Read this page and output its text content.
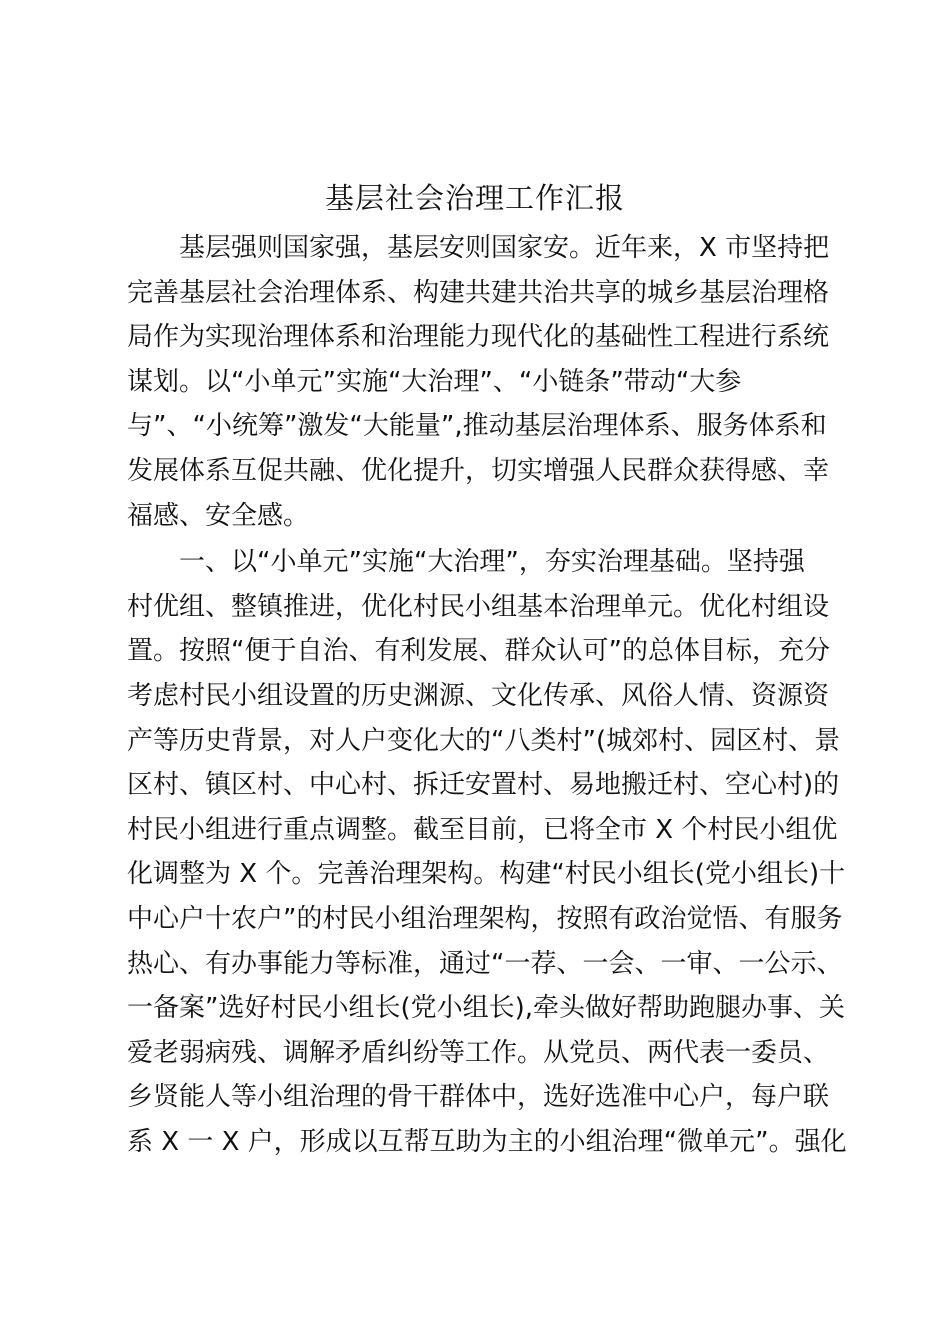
基层社会治理工作汇报
基层强则国家强，基层安则国家安。近年来，X 市坚持把
完善基层社会治理体系、构建共建共治共享的城乡基层治理格
局作为实现治理体系和治理能力现代化的基础性工程进行系统
谋划。以“小单元”实施“大治理”、“小链条”带动“大参
与”、“小统筹”激发“大能量”,推动基层治理体系、服务体系和
发展体系互促共融、优化提升，切实增强人民群众获得感、幸
福感、安全感。
一、以“小单元”实施“大治理”，夯实治理基础。坚持强
村优组、整镇推进，优化村民小组基本治理单元。优化村组设
置。按照“便于自治、有利发展、群众认可”的总体目标，充分
考虑村民小组设置的历史渊源、文化传承、风俗人情、资源资
产等历史背景，对人户变化大的“八类村”(城郊村、园区村、景
区村、镇区村、中心村、拆迁安置村、易地搬迁村、空心村)的
村民小组进行重点调整。截至目前，已将全市 X 个村民小组优
化调整为 X 个。完善治理架构。构建“村民小组长(党小组长)十
中心户十农户”的村民小组治理架构，按照有政治觉悟、有服务
热心、有办事能力等标准，通过“一荐、一会、一审、一公示、
一备案”选好村民小组长(党小组长),牵头做好帮助跑腿办事、关
爱老弱病残、调解矛盾纠纷等工作。从党员、两代表一委员、
乡贤能人等小组治理的骨干群体中，选好选准中心户，每户联
系 X 一 X 户，形成以互帮互助为主的小组治理“微单元”。强化
